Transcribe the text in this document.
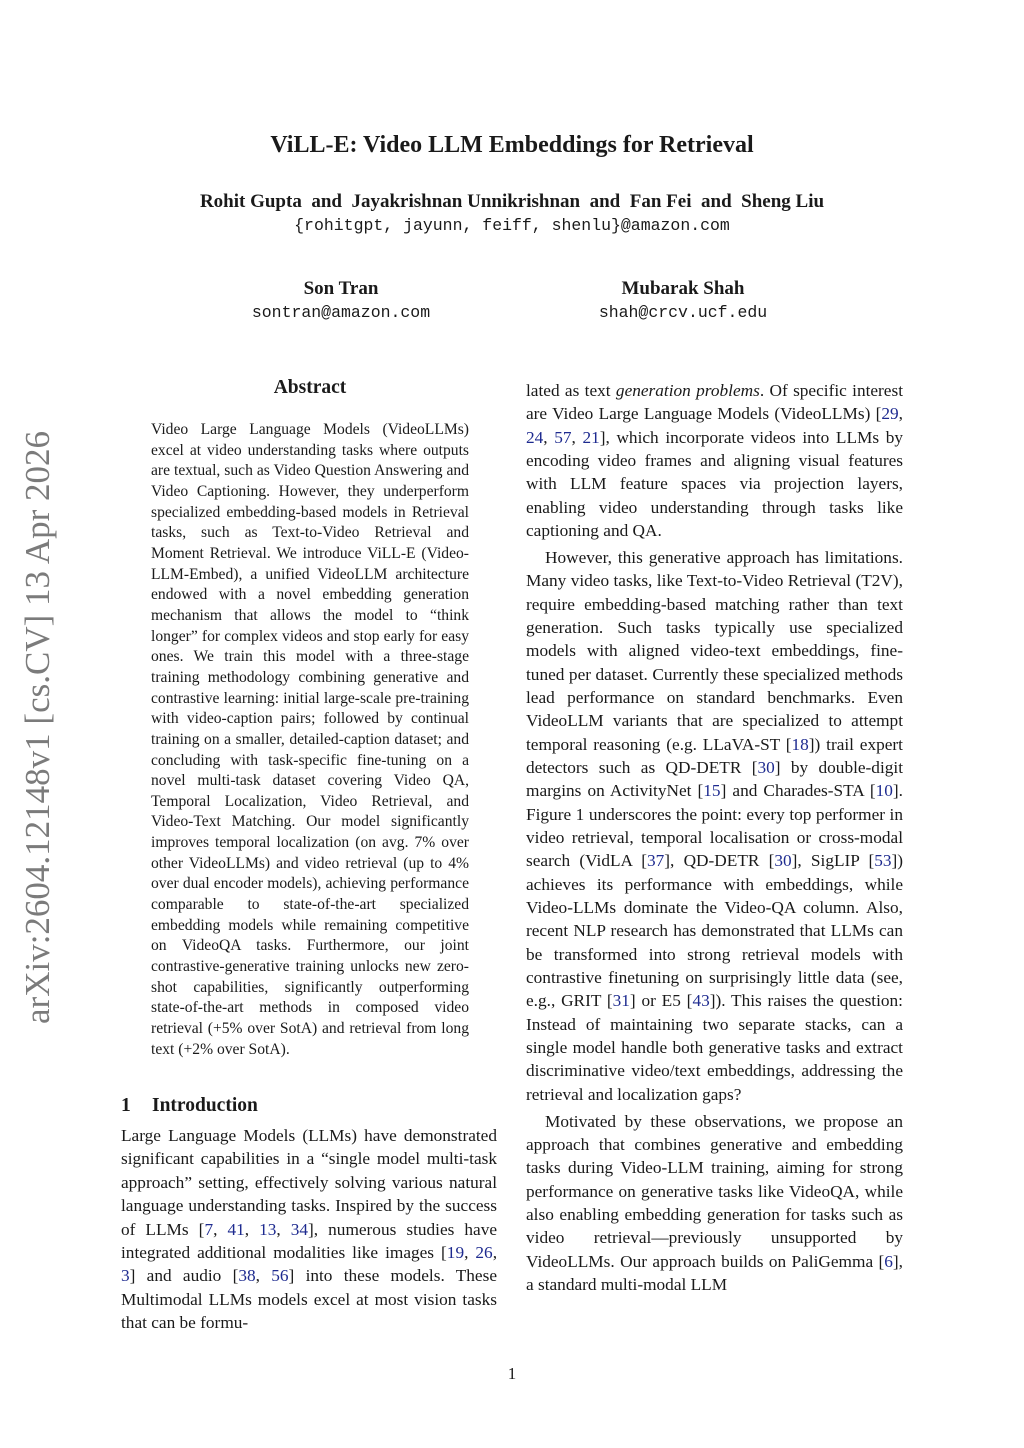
ViLL-E: Video LLM Embeddings for Retrieval
Rohit Gupta and Jayakrishnan Unnikrishnan and Fan Fei and Sheng Liu
{rohitgpt, jayunn, feiff, shenlu}@amazon.com
Son Tran
sontran@amazon.com
Mubarak Shah
shah@crcv.ucf.edu
arXiv:2604.12148v1 [cs.CV] 13 Apr 2026
Abstract
Video Large Language Models (VideoLLMs) excel at video understanding tasks where outputs are textual, such as Video Question Answering and Video Captioning. However, they underperform specialized embedding-based models in Retrieval tasks, such as Text-to-Video Retrieval and Moment Retrieval. We introduce ViLL-E (Video-LLM-Embed), a unified VideoLLM architecture endowed with a novel embedding generation mechanism that allows the model to “think longer” for complex videos and stop early for easy ones. We train this model with a three-stage training methodology combining generative and contrastive learning: initial large-scale pre-training with video-caption pairs; followed by continual training on a smaller, detailed-caption dataset; and concluding with task-specific fine-tuning on a novel multi-task dataset covering Video QA, Temporal Localization, Video Retrieval, and Video-Text Matching. Our model significantly improves temporal localization (on avg. 7% over other VideoLLMs) and video retrieval (up to 4% over dual encoder models), achieving performance comparable to state-of-the-art specialized embedding models while remaining competitive on VideoQA tasks. Furthermore, our joint contrastive-generative training unlocks new zero-shot capabilities, significantly outperforming state-of-the-art methods in composed video retrieval (+5% over SotA) and retrieval from long text (+2% over SotA).
1 Introduction
Large Language Models (LLMs) have demonstrated significant capabilities in a “single model multi-task approach” setting, effectively solving various natural language understanding tasks. Inspired by the success of LLMs [7, 41, 13, 34], numerous studies have integrated additional modalities like images [19, 26, 3] and audio [38, 56] into these models. These Multimodal LLMs models excel at most vision tasks that can be formu-

lated as text generation problems. Of specific interest are Video Large Language Models (VideoLLMs) [29, 24, 57, 21], which incorporate videos into LLMs by encoding video frames and aligning visual features with LLM feature spaces via projection layers, enabling video understanding through tasks like captioning and QA.

However, this generative approach has limitations. Many video tasks, like Text-to-Video Retrieval (T2V), require embedding-based matching rather than text generation. Such tasks typically use specialized models with aligned video-text embeddings, fine-tuned per dataset. Currently these specialized methods lead performance on standard benchmarks. Even VideoLLM variants that are specialized to attempt temporal reasoning (e.g. LLaVA-ST [18]) trail expert detectors such as QD-DETR [30] by double-digit margins on ActivityNet [15] and Charades-STA [10]. Figure 1 underscores the point: every top performer in video retrieval, temporal localisation or cross-modal search (VidLA [37], QD-DETR [30], SigLIP [53]) achieves its performance with embeddings, while Video-LLMs dominate the Video-QA column. Also, recent NLP research has demonstrated that LLMs can be transformed into strong retrieval models with contrastive finetuning on surprisingly little data (see, e.g., GRIT [31] or E5 [43]). This raises the question: Instead of maintaining two separate stacks, can a single model handle both generative tasks and extract discriminative video/text embeddings, addressing the retrieval and localization gaps?

Motivated by these observations, we propose an approach that combines generative and embedding tasks during Video-LLM training, aiming for strong performance on generative tasks like VideoQA, while also enabling embedding generation for tasks such as video retrieval—previously unsupported by VideoLLMs. Our approach builds on PaliGemma [6], a standard multi-modal LLM

1
